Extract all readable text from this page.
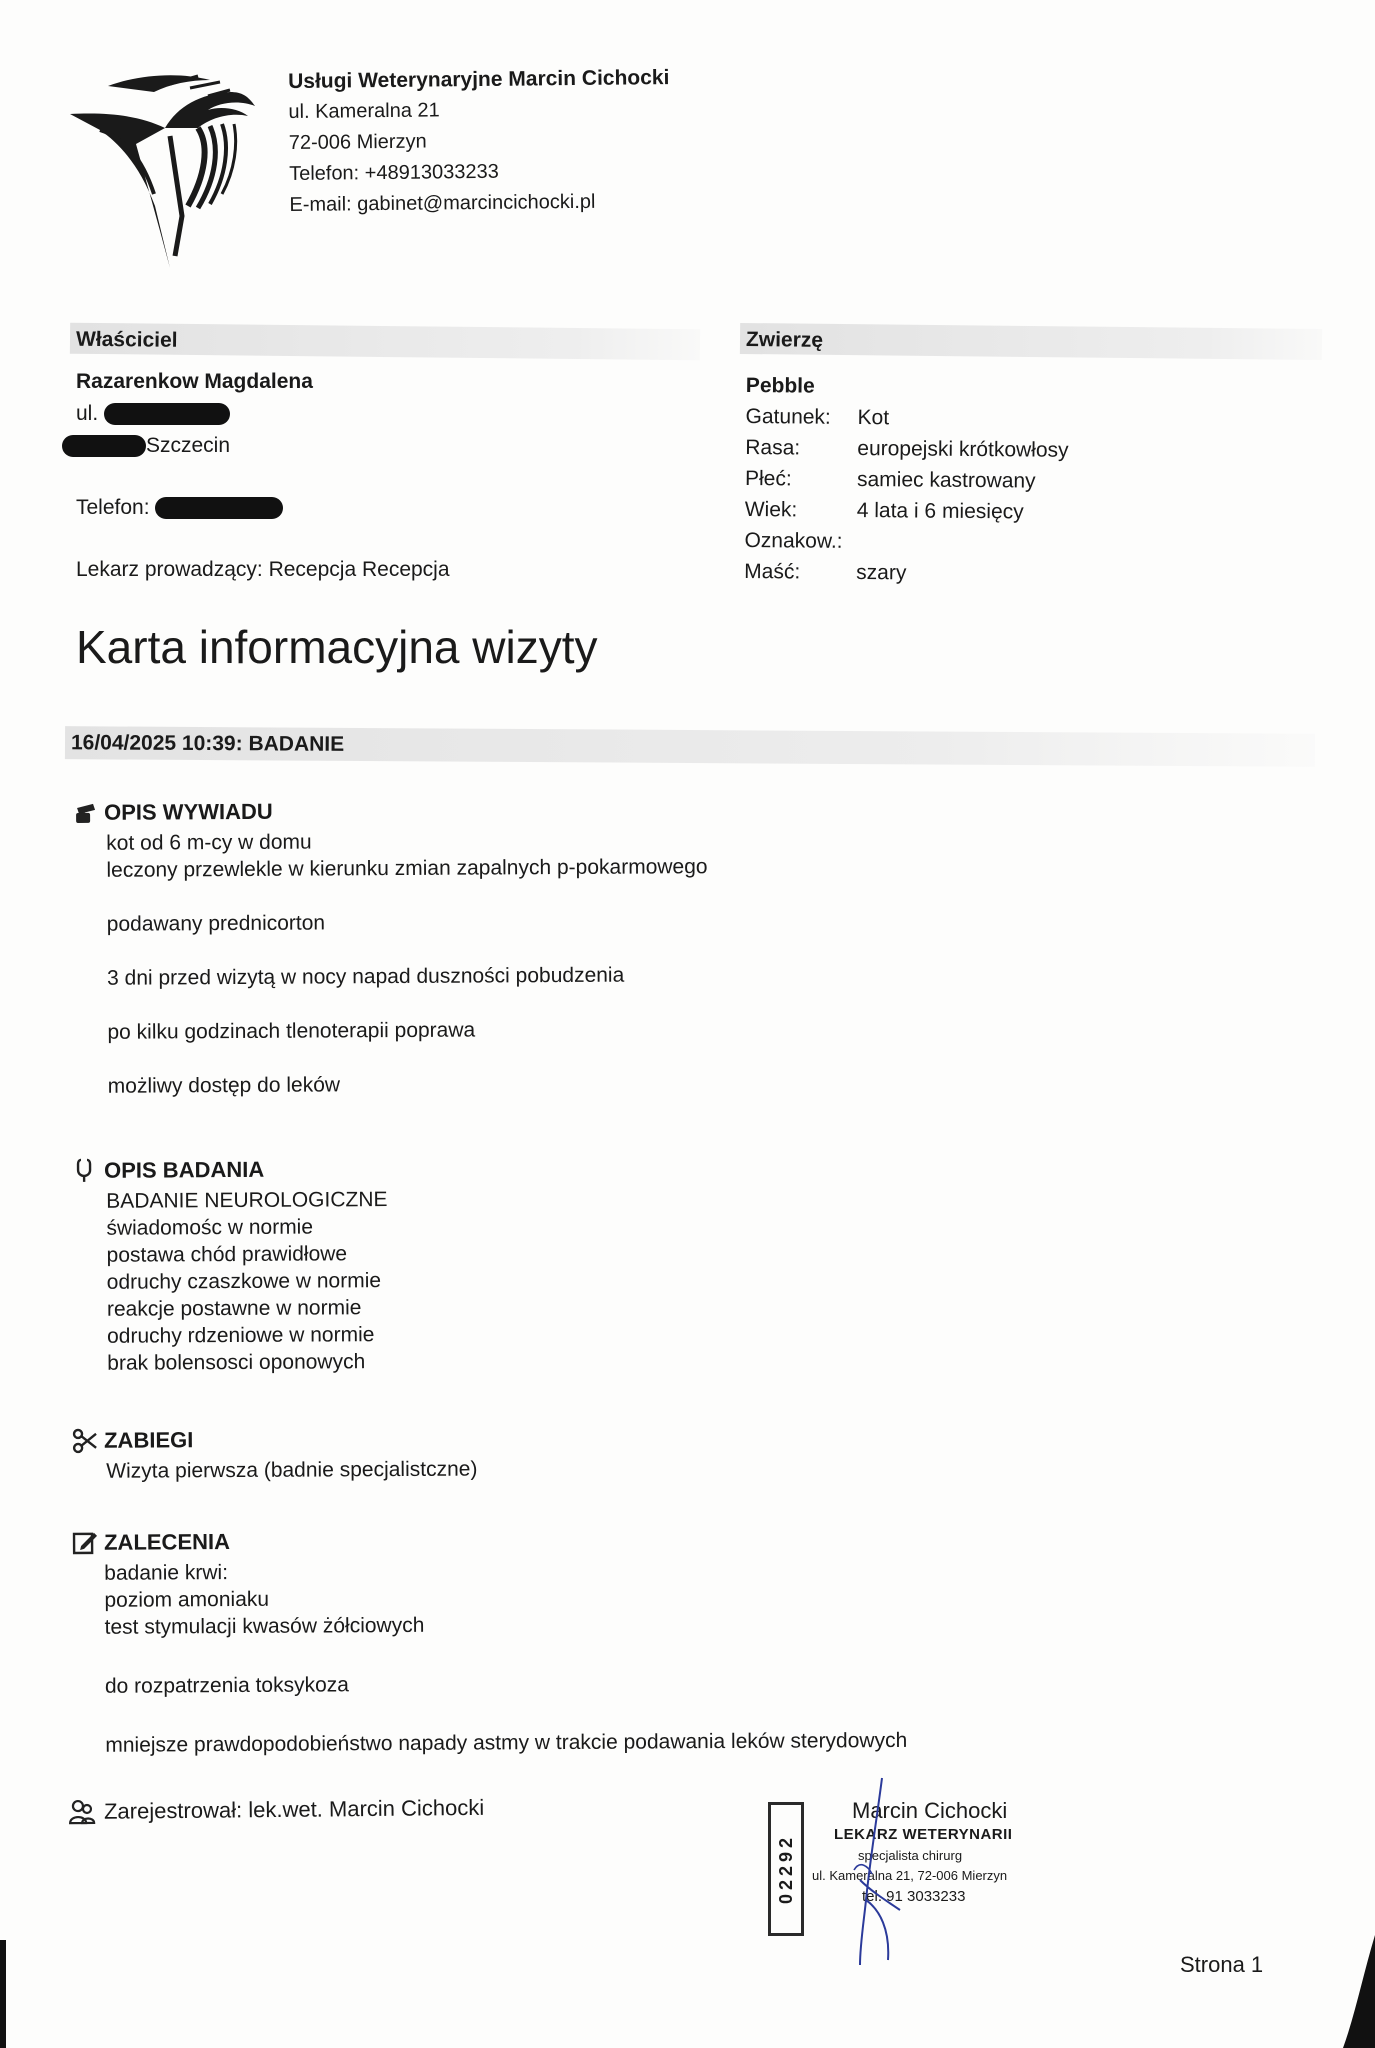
Usługi Weterynaryjne Marcin Cichocki
ul. Kameralna 21
72-006 Mierzyn
Telefon: +48913033233
E-mail: gabinet@marcincichocki.pl
Właściciel	Zwierzę
Razarenkow Magdalena
ul.
Szczecin
Telefon:
Lekarz prowadzący: Recepcja Recepcja
Pebble
Gatunek:	Kot
Rasa:	europejski krótkowłosy
Płeć:	samiec kastrowany
Wiek:	4 lata i 6 miesięcy
Oznakow.:	
Maść:	szary
Karta informacyjna wizyty
16/04/2025 10:39: BADANIE
OPIS WYWIADU
kot od 6 m-cy w domu
leczony przewlekle w kierunku zmian zapalnych p-pokarmowego
podawany prednicorton
3 dni przed wizytą w nocy napad duszności pobudzenia
po kilku godzinach tlenoterapii poprawa
możliwy dostęp do leków
OPIS BADANIA
BADANIE NEUROLOGICZNE
świadomośc w normie
postawa chód prawidłowe
odruchy czaszkowe w normie
reakcje postawne w normie
odruchy rdzeniowe w normie
brak bolensosci oponowych
ZABIEGI
Wizyta pierwsza (badnie specjalistczne)
ZALECENIA
badanie krwi:
poziom amoniaku
test stymulacji kwasów żółciowych
do rozpatrzenia toksykoza
mniejsze prawdopodobieństwo napady astmy w trakcie podawania leków sterydowych
Zarejestrował: lek.wet. Marcin Cichocki
02292
Marcin Cichocki
LEKARZ WETERYNARII
specjalista chirurg
ul. Kameralna 21, 72-006 Mierzyn
tel. 91 3033233
Strona 1
